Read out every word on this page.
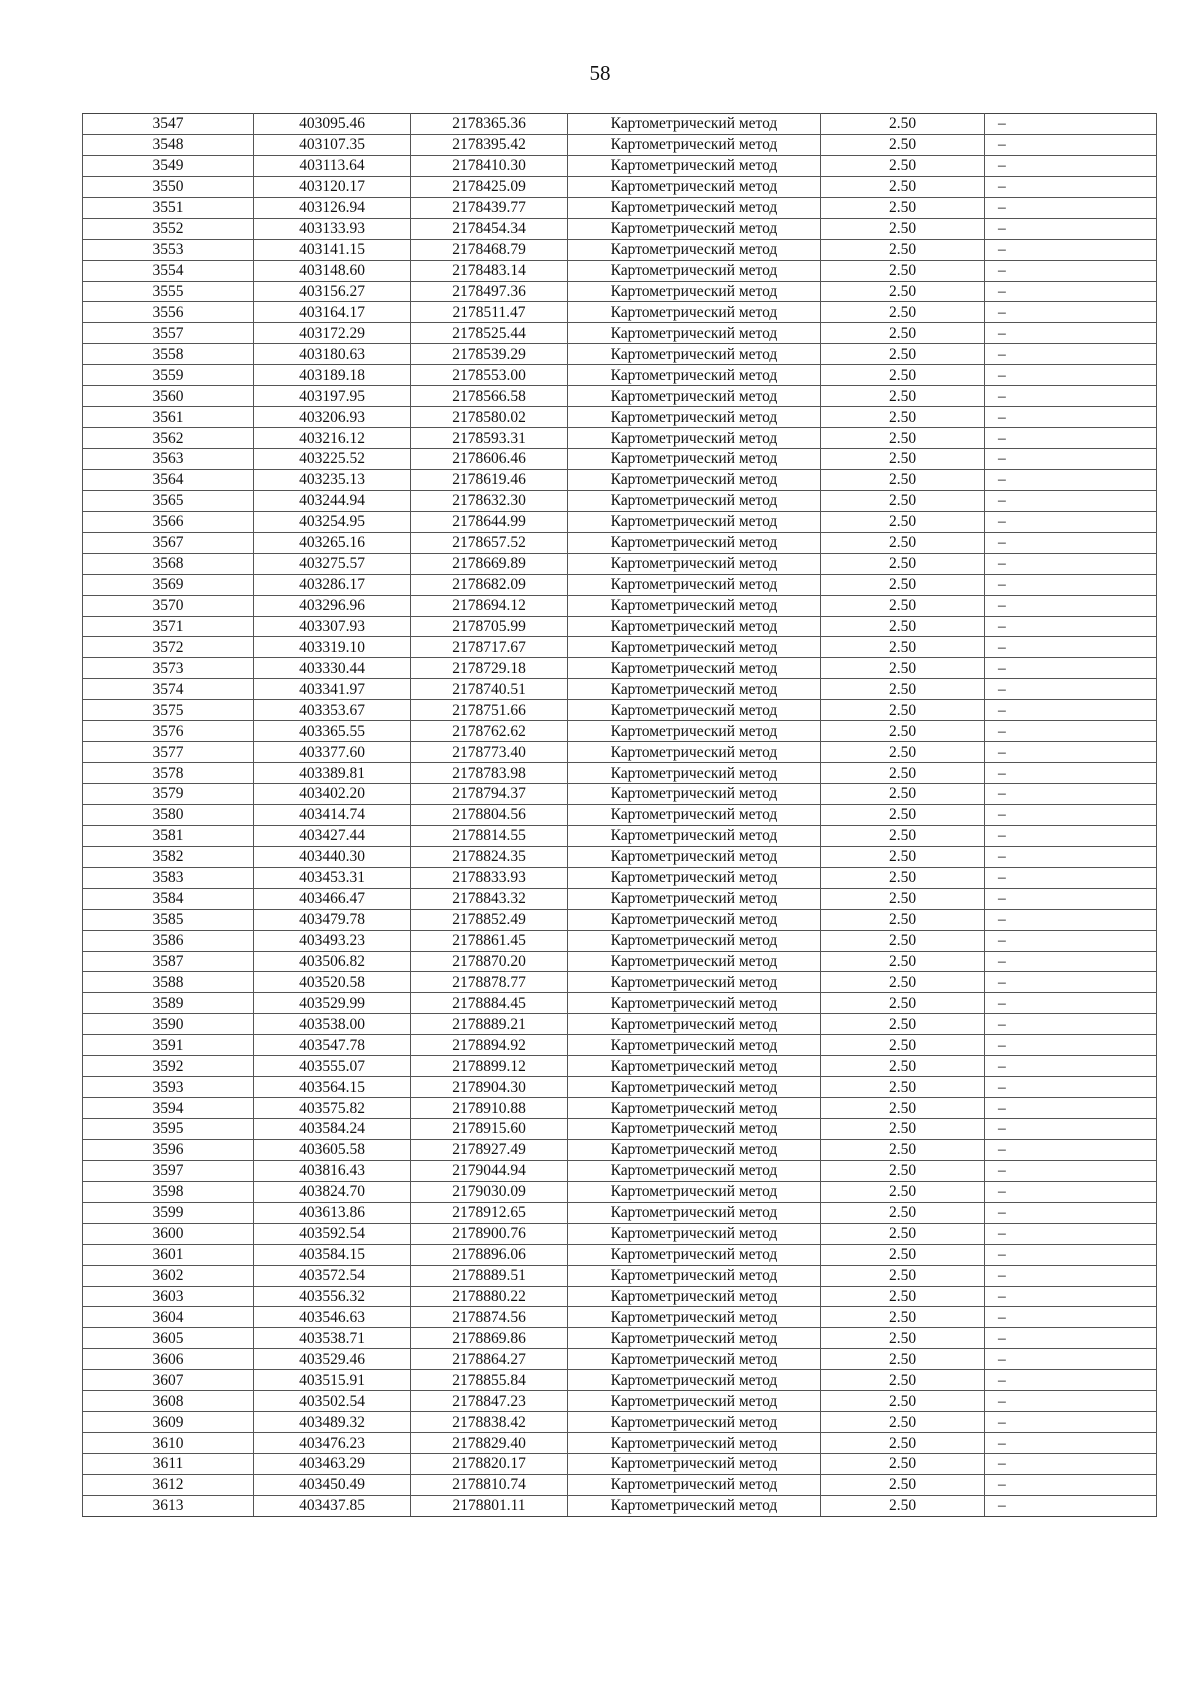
58
3547	403095.46	2178365.36	Картометрический метод	2.50	–
3548	403107.35	2178395.42	Картометрический метод	2.50	–
3549	403113.64	2178410.30	Картометрический метод	2.50	–
3550	403120.17	2178425.09	Картометрический метод	2.50	–
3551	403126.94	2178439.77	Картометрический метод	2.50	–
3552	403133.93	2178454.34	Картометрический метод	2.50	–
3553	403141.15	2178468.79	Картометрический метод	2.50	–
3554	403148.60	2178483.14	Картометрический метод	2.50	–
3555	403156.27	2178497.36	Картометрический метод	2.50	–
3556	403164.17	2178511.47	Картометрический метод	2.50	–
3557	403172.29	2178525.44	Картометрический метод	2.50	–
3558	403180.63	2178539.29	Картометрический метод	2.50	–
3559	403189.18	2178553.00	Картометрический метод	2.50	–
3560	403197.95	2178566.58	Картометрический метод	2.50	–
3561	403206.93	2178580.02	Картометрический метод	2.50	–
3562	403216.12	2178593.31	Картометрический метод	2.50	–
3563	403225.52	2178606.46	Картометрический метод	2.50	–
3564	403235.13	2178619.46	Картометрический метод	2.50	–
3565	403244.94	2178632.30	Картометрический метод	2.50	–
3566	403254.95	2178644.99	Картометрический метод	2.50	–
3567	403265.16	2178657.52	Картометрический метод	2.50	–
3568	403275.57	2178669.89	Картометрический метод	2.50	–
3569	403286.17	2178682.09	Картометрический метод	2.50	–
3570	403296.96	2178694.12	Картометрический метод	2.50	–
3571	403307.93	2178705.99	Картометрический метод	2.50	–
3572	403319.10	2178717.67	Картометрический метод	2.50	–
3573	403330.44	2178729.18	Картометрический метод	2.50	–
3574	403341.97	2178740.51	Картометрический метод	2.50	–
3575	403353.67	2178751.66	Картометрический метод	2.50	–
3576	403365.55	2178762.62	Картометрический метод	2.50	–
3577	403377.60	2178773.40	Картометрический метод	2.50	–
3578	403389.81	2178783.98	Картометрический метод	2.50	–
3579	403402.20	2178794.37	Картометрический метод	2.50	–
3580	403414.74	2178804.56	Картометрический метод	2.50	–
3581	403427.44	2178814.55	Картометрический метод	2.50	–
3582	403440.30	2178824.35	Картометрический метод	2.50	–
3583	403453.31	2178833.93	Картометрический метод	2.50	–
3584	403466.47	2178843.32	Картометрический метод	2.50	–
3585	403479.78	2178852.49	Картометрический метод	2.50	–
3586	403493.23	2178861.45	Картометрический метод	2.50	–
3587	403506.82	2178870.20	Картометрический метод	2.50	–
3588	403520.58	2178878.77	Картометрический метод	2.50	–
3589	403529.99	2178884.45	Картометрический метод	2.50	–
3590	403538.00	2178889.21	Картометрический метод	2.50	–
3591	403547.78	2178894.92	Картометрический метод	2.50	–
3592	403555.07	2178899.12	Картометрический метод	2.50	–
3593	403564.15	2178904.30	Картометрический метод	2.50	–
3594	403575.82	2178910.88	Картометрический метод	2.50	–
3595	403584.24	2178915.60	Картометрический метод	2.50	–
3596	403605.58	2178927.49	Картометрический метод	2.50	–
3597	403816.43	2179044.94	Картометрический метод	2.50	–
3598	403824.70	2179030.09	Картометрический метод	2.50	–
3599	403613.86	2178912.65	Картометрический метод	2.50	–
3600	403592.54	2178900.76	Картометрический метод	2.50	–
3601	403584.15	2178896.06	Картометрический метод	2.50	–
3602	403572.54	2178889.51	Картометрический метод	2.50	–
3603	403556.32	2178880.22	Картометрический метод	2.50	–
3604	403546.63	2178874.56	Картометрический метод	2.50	–
3605	403538.71	2178869.86	Картометрический метод	2.50	–
3606	403529.46	2178864.27	Картометрический метод	2.50	–
3607	403515.91	2178855.84	Картометрический метод	2.50	–
3608	403502.54	2178847.23	Картометрический метод	2.50	–
3609	403489.32	2178838.42	Картометрический метод	2.50	–
3610	403476.23	2178829.40	Картометрический метод	2.50	–
3611	403463.29	2178820.17	Картометрический метод	2.50	–
3612	403450.49	2178810.74	Картометрический метод	2.50	–
3613	403437.85	2178801.11	Картометрический метод	2.50	–
